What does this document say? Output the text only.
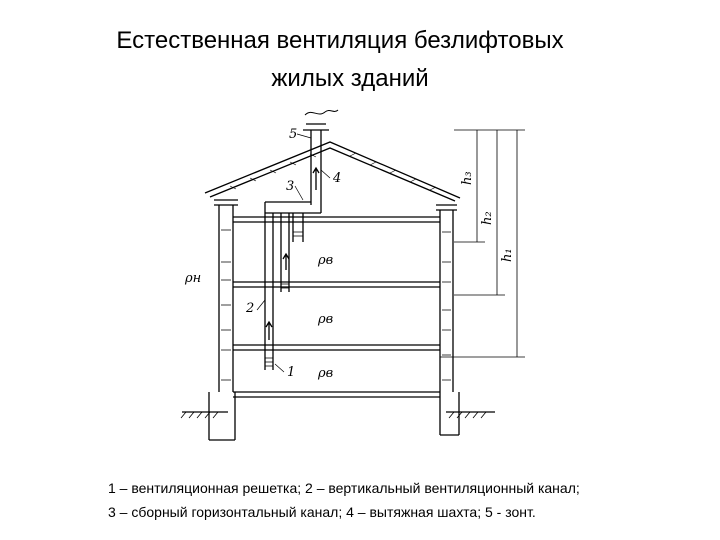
Естественная вентиляция безлифтовых
жилых зданий
1
2
3
4
5
h₁
h₂
h₃
ρн
ρв
ρв
ρв
1 – вентиляционная решетка; 2 – вертикальный вентиляционный канал;
3 – сборный горизонтальный канал; 4 – вытяжная шахта; 5 - зонт.
